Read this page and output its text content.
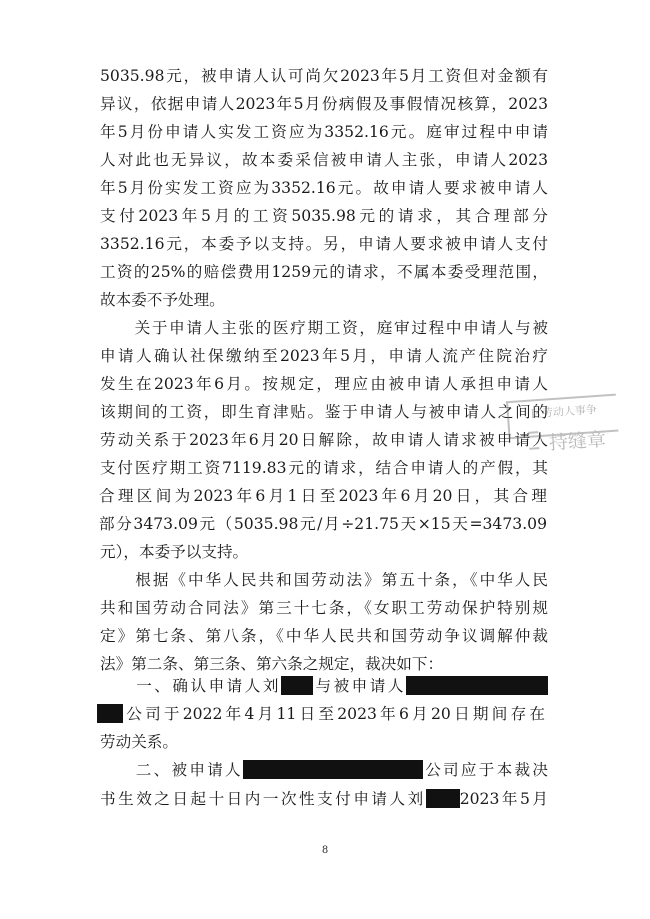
5035.98元，被申请人认可尚欠2023年5月工资但对金额有
异议，依据申请人2023年5月份病假及事假情况核算，2023
年5月份申请人实发工资应为3352.16元。庭审过程中申请
人对此也无异议，故本委采信被申请人主张，申请人2023
年5月份实发工资应为3352.16元。故申请人要求被申请人
支付2023年5月的工资5035.98元的请求，其合理部分
3352.16元，本委予以支持。另，申请人要求被申请人支付
工资的25%的赔偿费用1259元的请求，不属本委受理范围，
故本委不予处理。
　　关于申请人主张的医疗期工资，庭审过程中申请人与被
申请人确认社保缴纳至2023年5月，申请人流产住院治疗
发生在2023年6月。按规定，理应由被申请人承担申请人
该期间的工资，即生育津贴。鉴于申请人与被申请人之间的
劳动关系于2023年6月20日解除，故申请人请求被申请人
支付医疗期工资7119.83元的请求，结合申请人的产假，其
合理区间为2023年6月1日至2023年6月20日，其合理
部分3473.09元（5035.98元/月÷21.75天×15天=3473.09
元），本委予以支持。
　　根据《中华人民共和国劳动法》第五十条，《中华人民
共和国劳动合同法》第三十七条，《女职工劳动保护特别规
定》第七条、第八条，《中华人民共和国劳动争议调解仲裁
法》第二条、第三条、第六条之规定，裁决如下：
　　一、确认申请人刘 与被申请人
公司于2022年4月11日至2023年6月20日期间存在
劳动关系。
　　二、被申请人	公司应于本裁决
书生效之日起十日内一次性支付申请人刘 2023年5月
8
区劳动人事争
持缝章
